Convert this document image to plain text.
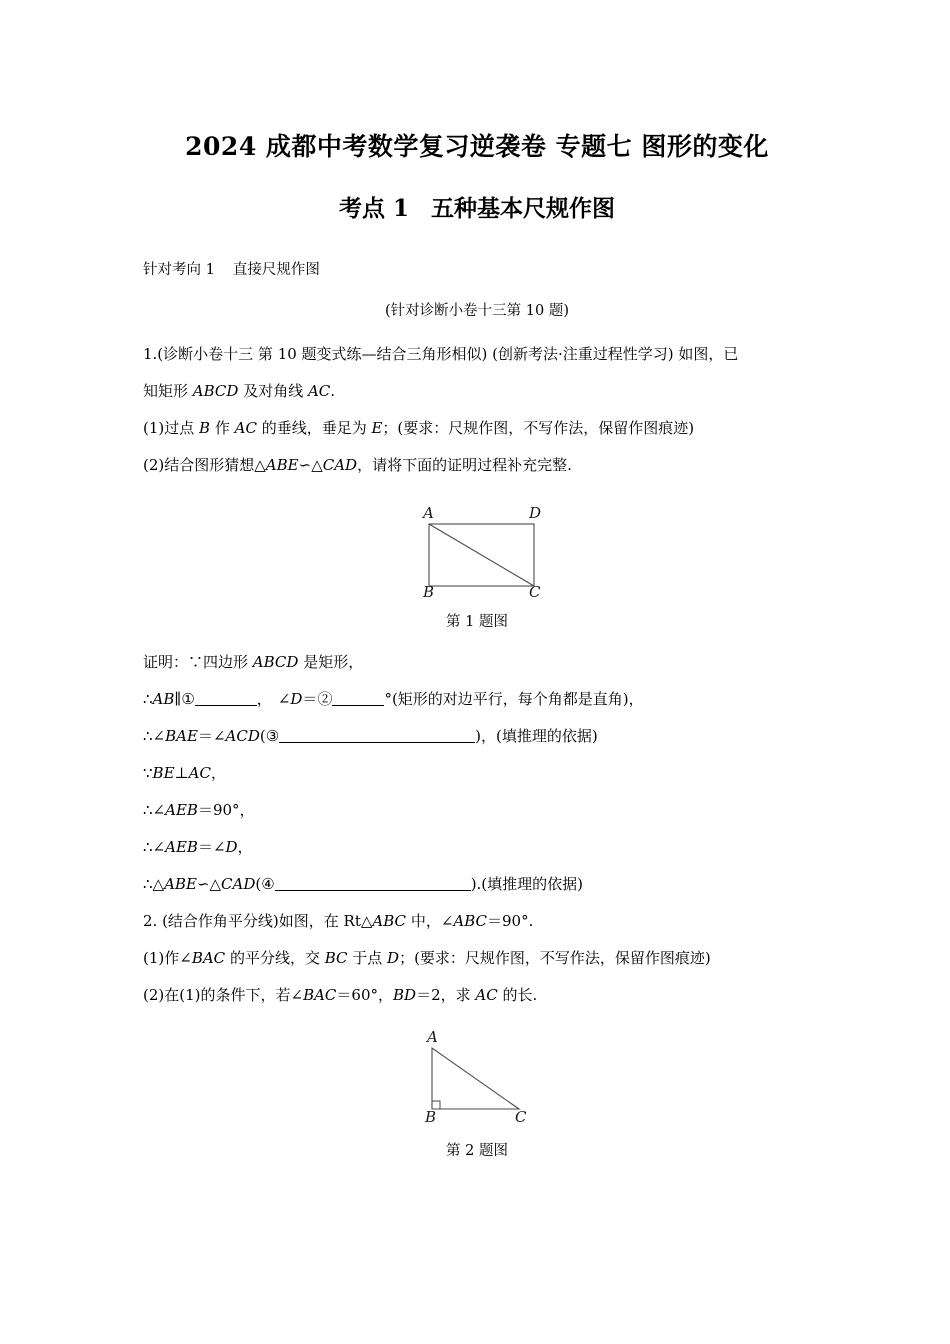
2024 成都中考数学复习逆袭卷 专题七 图形的变化
考点 1 五种基本尺规作图

针对考向 1 直接尺规作图

(针对诊断小卷十三第 10 题)

1.(诊断小卷十三 第 10 题变式练—结合三角形相似) (创新考法·注重过程性学习) 如图，已

知矩形 ABCD 及对角线 AC.

(1)过点 B 作 AC 的垂线，垂足为 E；(要求：尺规作图，不写作法，保留作图痕迹)

(2)结合图形猜想△ABE∽△CAD，请将下面的证明过程补充完整.

A	D
B	C
第 1 题图

证明：∵四边形 ABCD 是矩形，

∴AB∥①	， ∠D＝②	°(矩形的对边平行，每个角都是直角)，

∴∠BAE＝∠ACD(③	)，(填推理的依据)

∵BE⊥AC，

∴∠AEB＝90°，

∴∠AEB＝∠D，

∴△ABE∽△CAD(④	).(填推理的依据)

2. (结合作角平分线)如图，在 Rt△ABC 中，∠ABC＝90°.

(1)作∠BAC 的平分线，交 BC 于点 D；(要求：尺规作图，不写作法，保留作图痕迹)

(2)在(1)的条件下，若∠BAC＝60°，BD＝2，求 AC 的长.

A
B	C
第 2 题图
